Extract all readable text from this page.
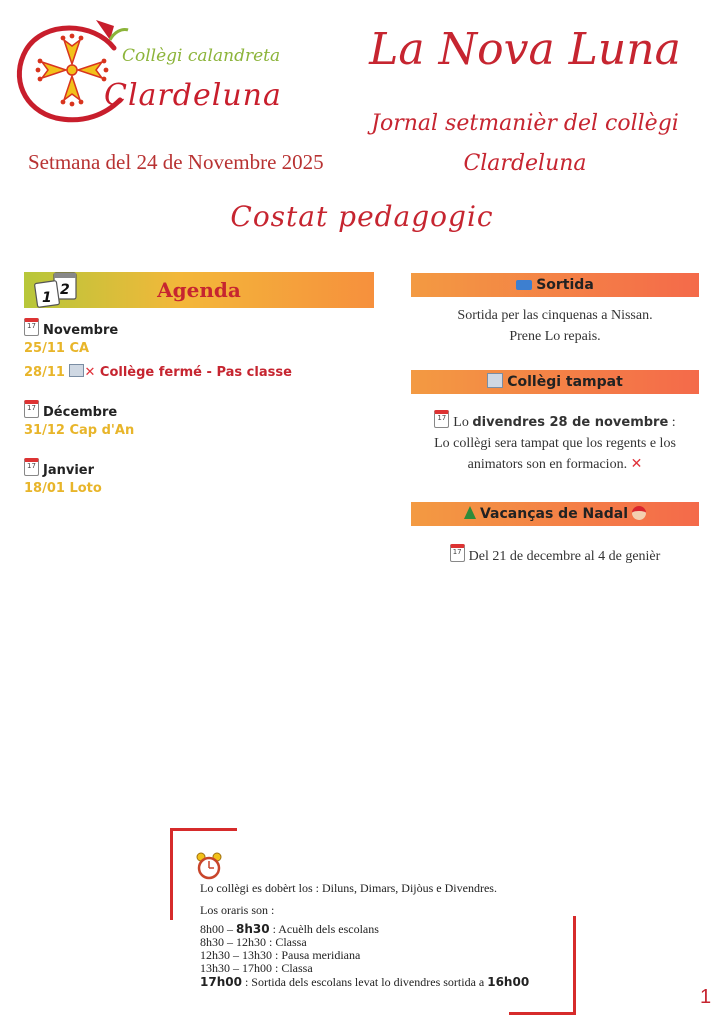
Collègi calandreta
Clardeluna
La Nova Luna
Jornal setmanièr del collègi
Clardeluna
Setmana del 24 de Novembre 2025
Costat pedagogic
1 2	Agenda
17Novembre
25/11 CA
28/11 ✕ Collège fermé - Pas classe
17Décembre
31/12 Cap d'An
17Janvier
18/01 Loto
Sortida
Sortida per las cinquenas a Nissan.
Prene Lo repais.
Collègi tampat
17Lo divendres 28 de novembre :
Lo collègi sera tampat que los regents e los
animators son en formacion. ✕
Vacanças de Nadal
17Del 21 de decembre al 4 de genièr
Lo collègi es dobèrt los : Diluns, Dimars, Dijòus e Divendres.
Los oraris son :
8h00 – 8h30 : Acuèlh dels escolans
8h30 – 12h30 : Classa
12h30 – 13h30 : Pausa meridiana
13h30 – 17h00 : Classa
17h00 : Sortida dels escolans levat lo divendres sortida a 16h00
1
